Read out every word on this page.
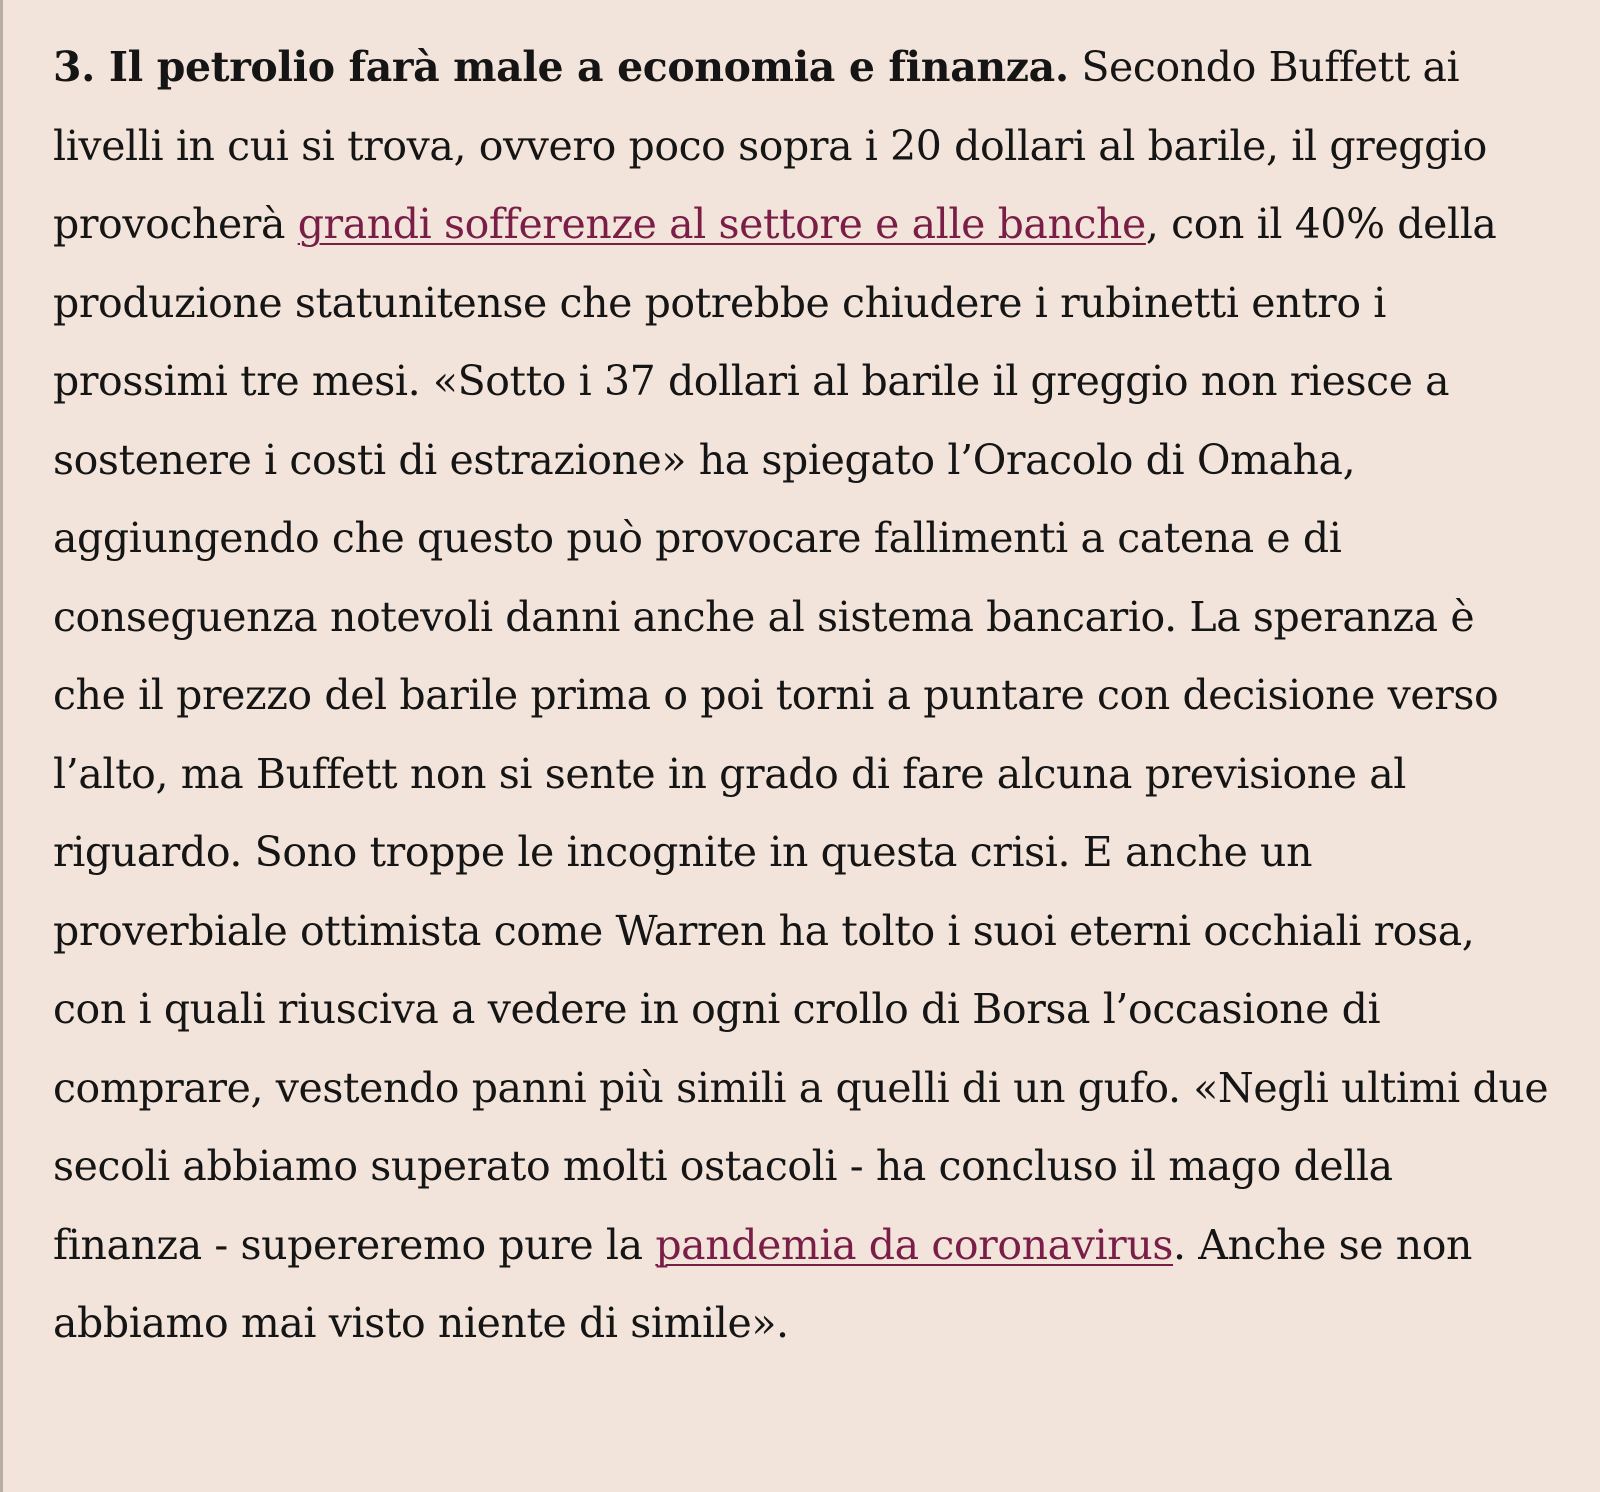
3. Il petrolio farà male a economia e finanza. Secondo Buffett ai livelli in cui si trova, ovvero poco sopra i 20 dollari al barile, il greggio provocherà grandi sofferenze al settore e alle banche, con il 40% della produzione statunitense che potrebbe chiudere i rubinetti entro i prossimi tre mesi. «Sotto i 37 dollari al barile il greggio non riesce a sostenere i costi di estrazione» ha spiegato l’Oracolo di Omaha, aggiungendo che questo può provocare fallimenti a catena e di conseguenza notevoli danni anche al sistema bancario. La speranza è che il prezzo del barile prima o poi torni a puntare con decisione verso l’alto, ma Buffett non si sente in grado di fare alcuna previsione al riguardo. Sono troppe le incognite in questa crisi. E anche un proverbiale ottimista come Warren ha tolto i suoi eterni occhiali rosa, con i quali riusciva a vedere in ogni crollo di Borsa l’occasione di comprare, vestendo panni più simili a quelli di un gufo. «Negli ultimi due secoli abbiamo superato molti ostacoli - ha concluso il mago della finanza - supereremo pure la pandemia da coronavirus. Anche se non abbiamo mai visto niente di simile».
